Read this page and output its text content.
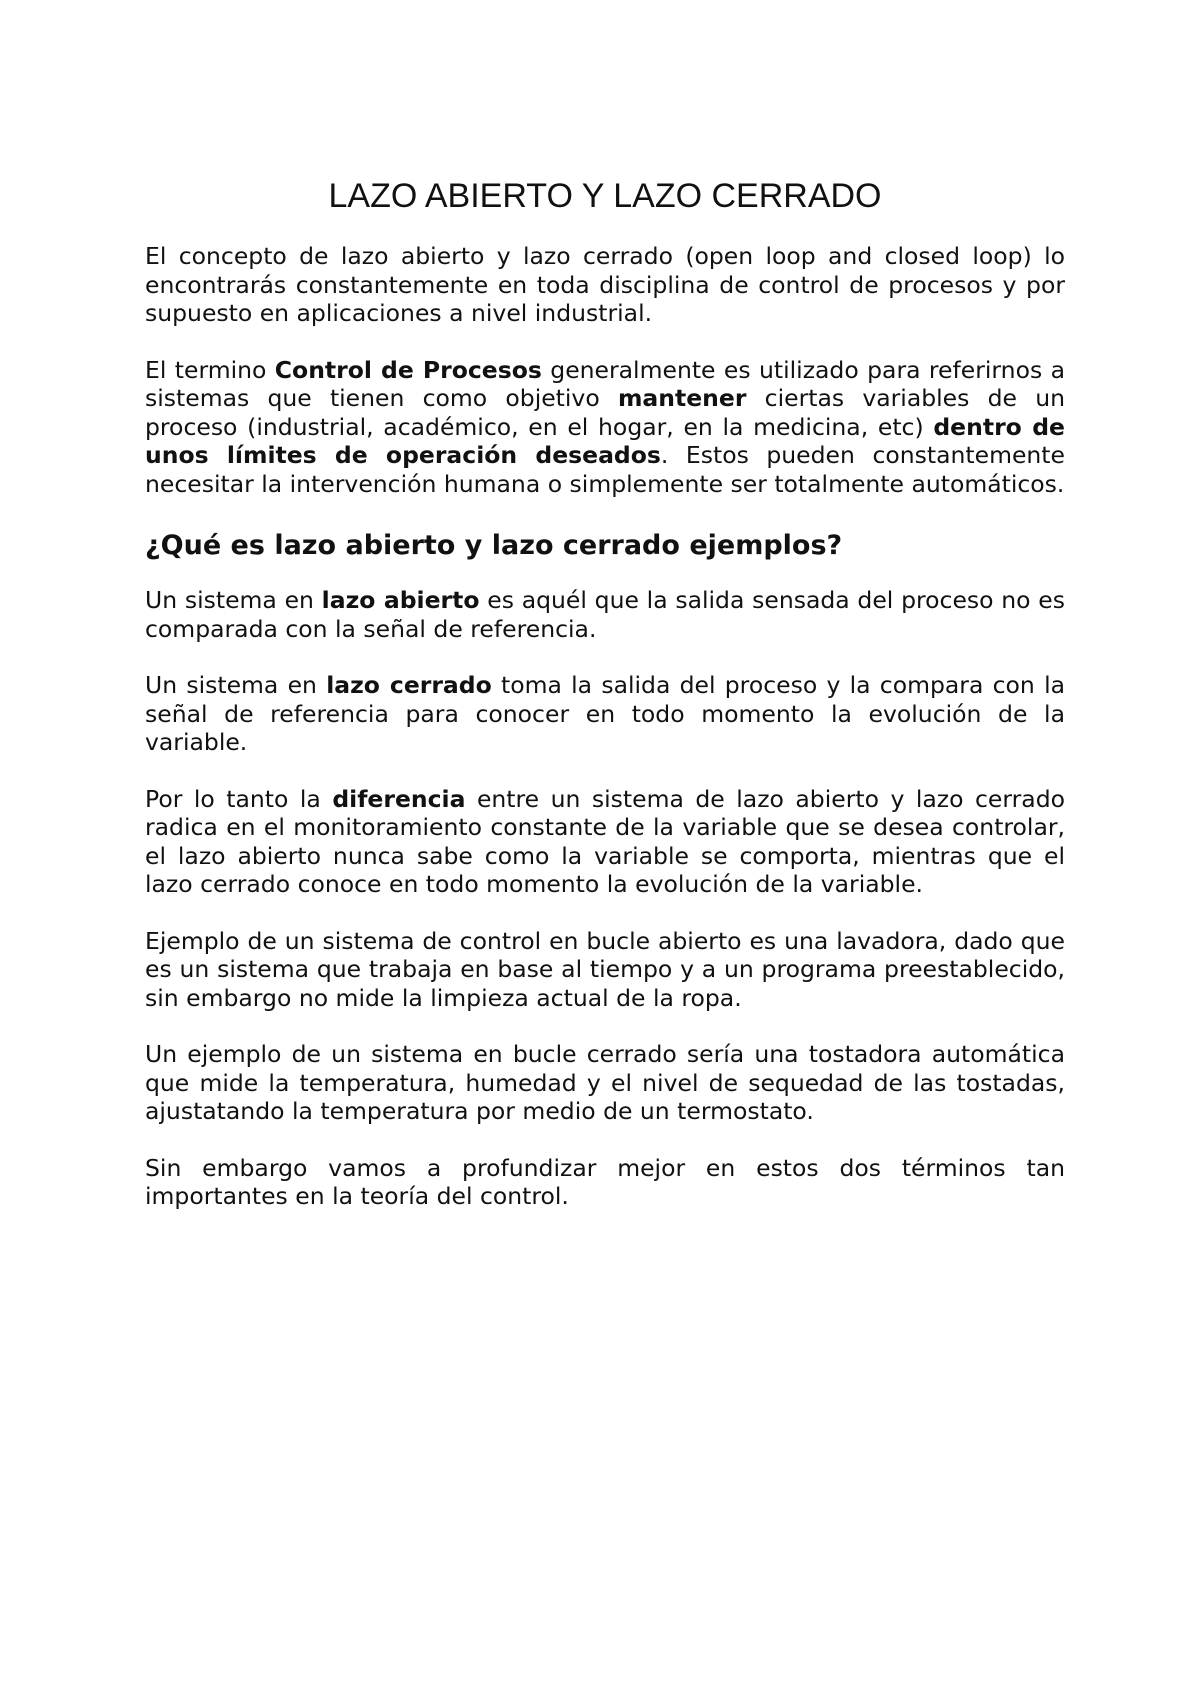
LAZO ABIERTO Y LAZO CERRADO

El concepto de lazo abierto y lazo cerrado (open loop and closed loop) lo encontrarás constantemente en toda disciplina de control de procesos y por supuesto en aplicaciones a nivel industrial.

El termino Control de Procesos generalmente es utilizado para referirnos a sistemas que tienen como objetivo mantener ciertas variables de un proceso (industrial, académico, en el hogar, en la medicina, etc) dentro de unos límites de operación deseados. Estos pueden constantemente necesitar la intervención humana o simplemente ser totalmente automáticos.

¿Qué es lazo abierto y lazo cerrado ejemplos?

Un sistema en lazo abierto es aquél que la salida sensada del proceso no es comparada con la señal de referencia.

Un sistema en lazo cerrado toma la salida del proceso y la compara con la señal de referencia para conocer en todo momento la evolución de la variable.

Por lo tanto la diferencia entre un sistema de lazo abierto y lazo cerrado radica en el monitoramiento constante de la variable que se desea controlar, el lazo abierto nunca sabe como la variable se comporta, mientras que el lazo cerrado conoce en todo momento la evolución de la variable.

Ejemplo de un sistema de control en bucle abierto es una lavadora, dado que es un sistema que trabaja en base al tiempo y a un programa preestablecido, sin embargo no mide la limpieza actual de la ropa.

Un ejemplo de un sistema en bucle cerrado sería una tostadora automática que mide la temperatura, humedad y el nivel de sequedad de las tostadas, ajustatando la temperatura por medio de un termostato.

Sin embargo vamos a profundizar mejor en estos dos términos tan importantes en la teoría del control.
